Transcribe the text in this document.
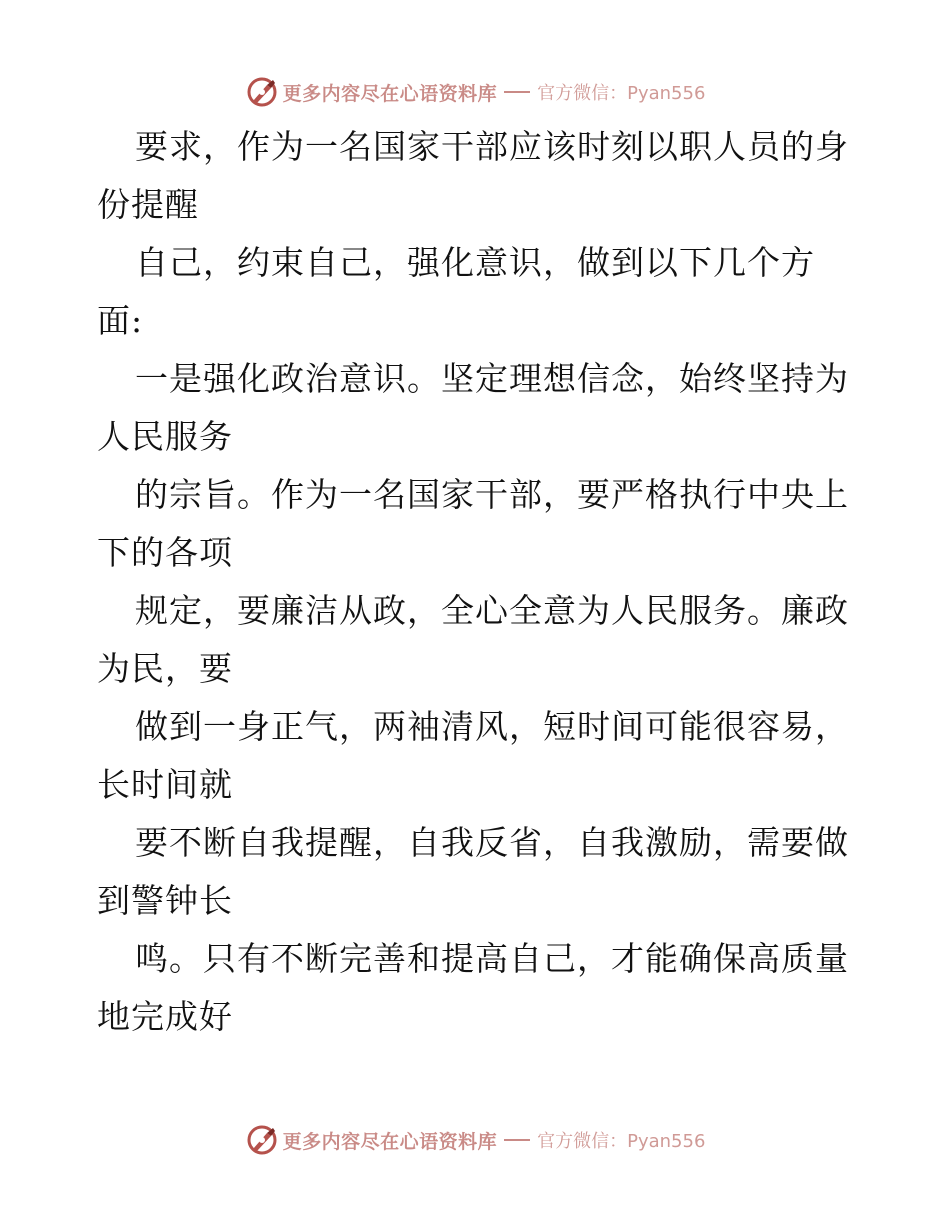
更多内容尽在心语资料库 官方微信：Pyan556
要求，作为一名国家干部应该时刻以职人员的身
份提醒
自己，约束自己，强化意识，做到以下几个方
面:
一是强化政治意识。坚定理想信念，始终坚持为
人民服务
的宗旨。作为一名国家干部，要严格执行中央上
下的各项
规定，要廉洁从政，全心全意为人民服务。廉政
为民，要
做到一身正气，两袖清风，短时间可能很容易，
长时间就
要不断自我提醒，自我反省，自我激励，需要做
到警钟长
鸣。只有不断完善和提高自己，才能确保高质量
地完成好
更多内容尽在心语资料库 官方微信：Pyan556
